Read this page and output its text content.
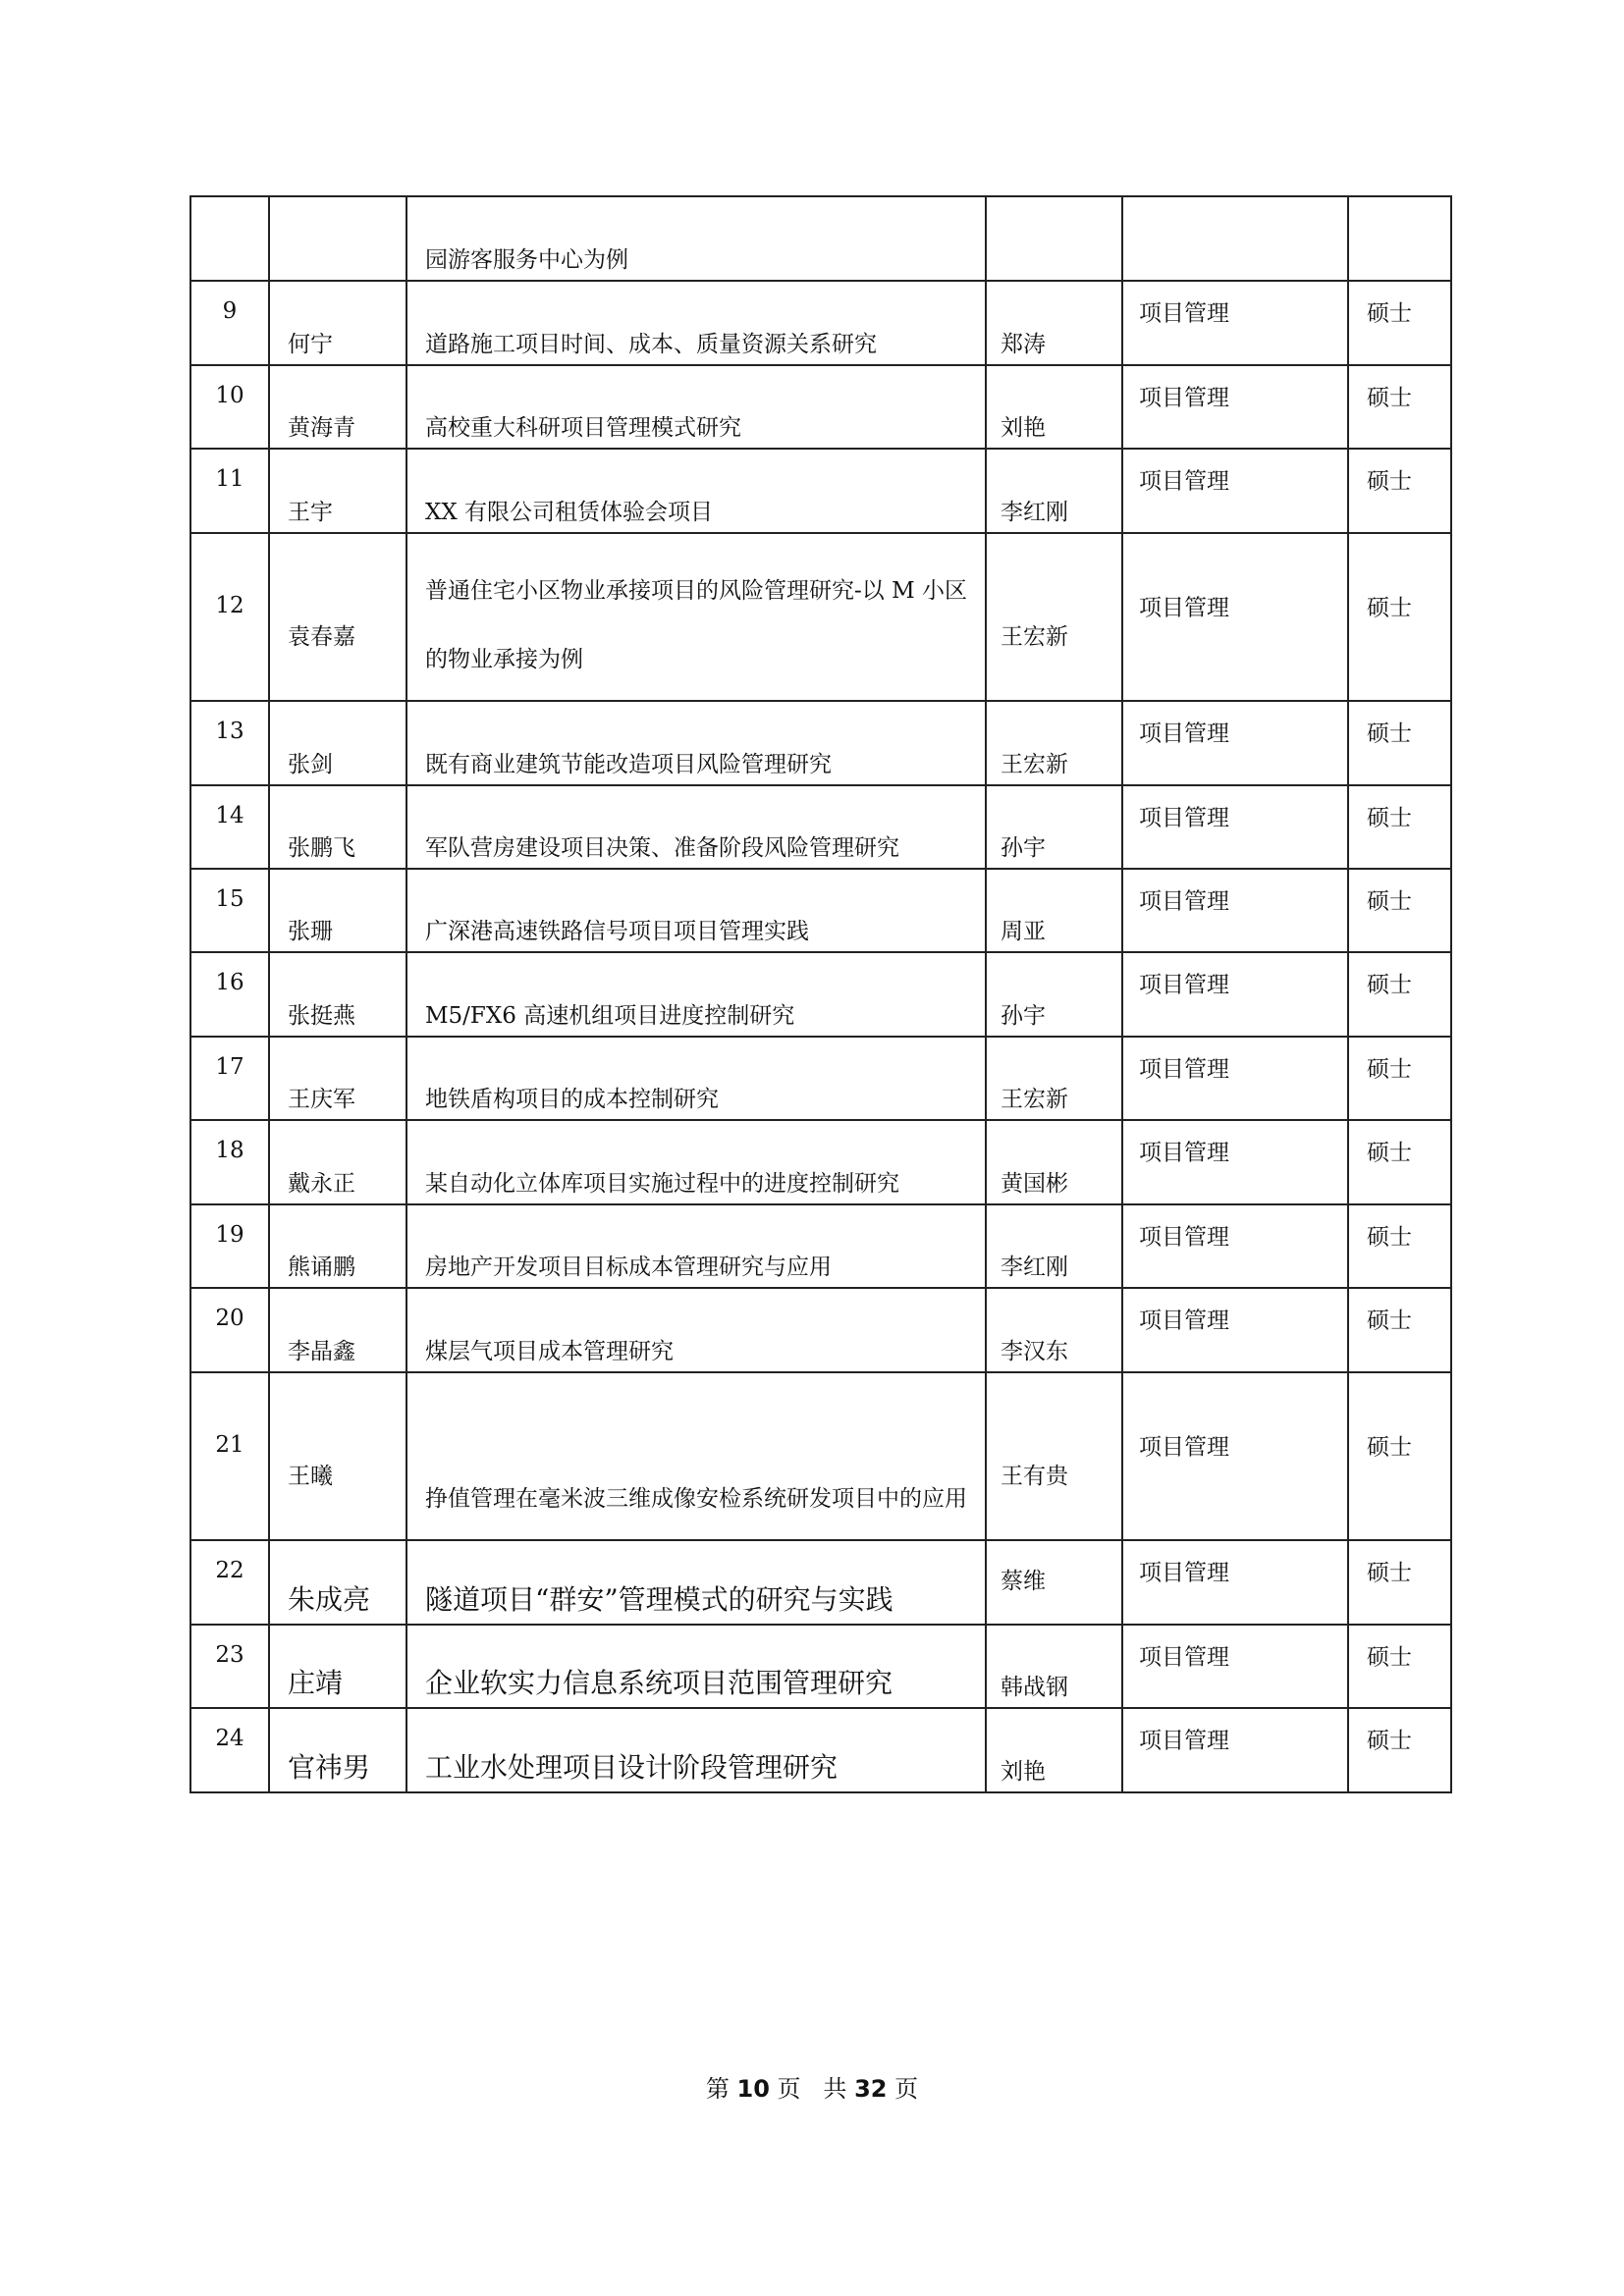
		园游客服务中心为例			

9	何宁	道路施工项目时间、成本、质量资源关系研究	郑涛	项目管理	硕士

10	黄海青	高校重大科研项目管理模式研究	刘艳	项目管理	硕士

11	王宇	XX 有限公司租赁体验会项目	李红刚	项目管理	硕士

12	袁春嘉	普通住宅小区物业承接项目的风险管理研究-以 M 小区的物业承接为例	王宏新	项目管理	硕士

13	张剑	既有商业建筑节能改造项目风险管理研究	王宏新	项目管理	硕士

14	张鹏飞	军队营房建设项目决策、准备阶段风险管理研究	孙宇	项目管理	硕士

15	张珊	广深港高速铁路信号项目项目管理实践	周亚	项目管理	硕士

16	张挺燕	M5/FX6 高速机组项目进度控制研究	孙宇	项目管理	硕士

17	王庆军	地铁盾构项目的成本控制研究	王宏新	项目管理	硕士

18	戴永正	某自动化立体库项目实施过程中的进度控制研究	黄国彬	项目管理	硕士

19	熊诵鹏	房地产开发项目目标成本管理研究与应用	李红刚	项目管理	硕士

20	李晶鑫	煤层气项目成本管理研究	李汉东	项目管理	硕士

21	王曦	挣值管理在毫米波三维成像安检系统研发项目中的应用	王有贵	项目管理	硕士

22	朱成亮	隧道项目“群安”管理模式的研究与实践	蔡维	项目管理	硕士

23	庄靖	企业软实力信息系统项目范围管理研究	韩战钢	项目管理	硕士

24	官祎男	工业水处理项目设计阶段管理研究	刘艳	项目管理	硕士
第 10 页   共 32 页
